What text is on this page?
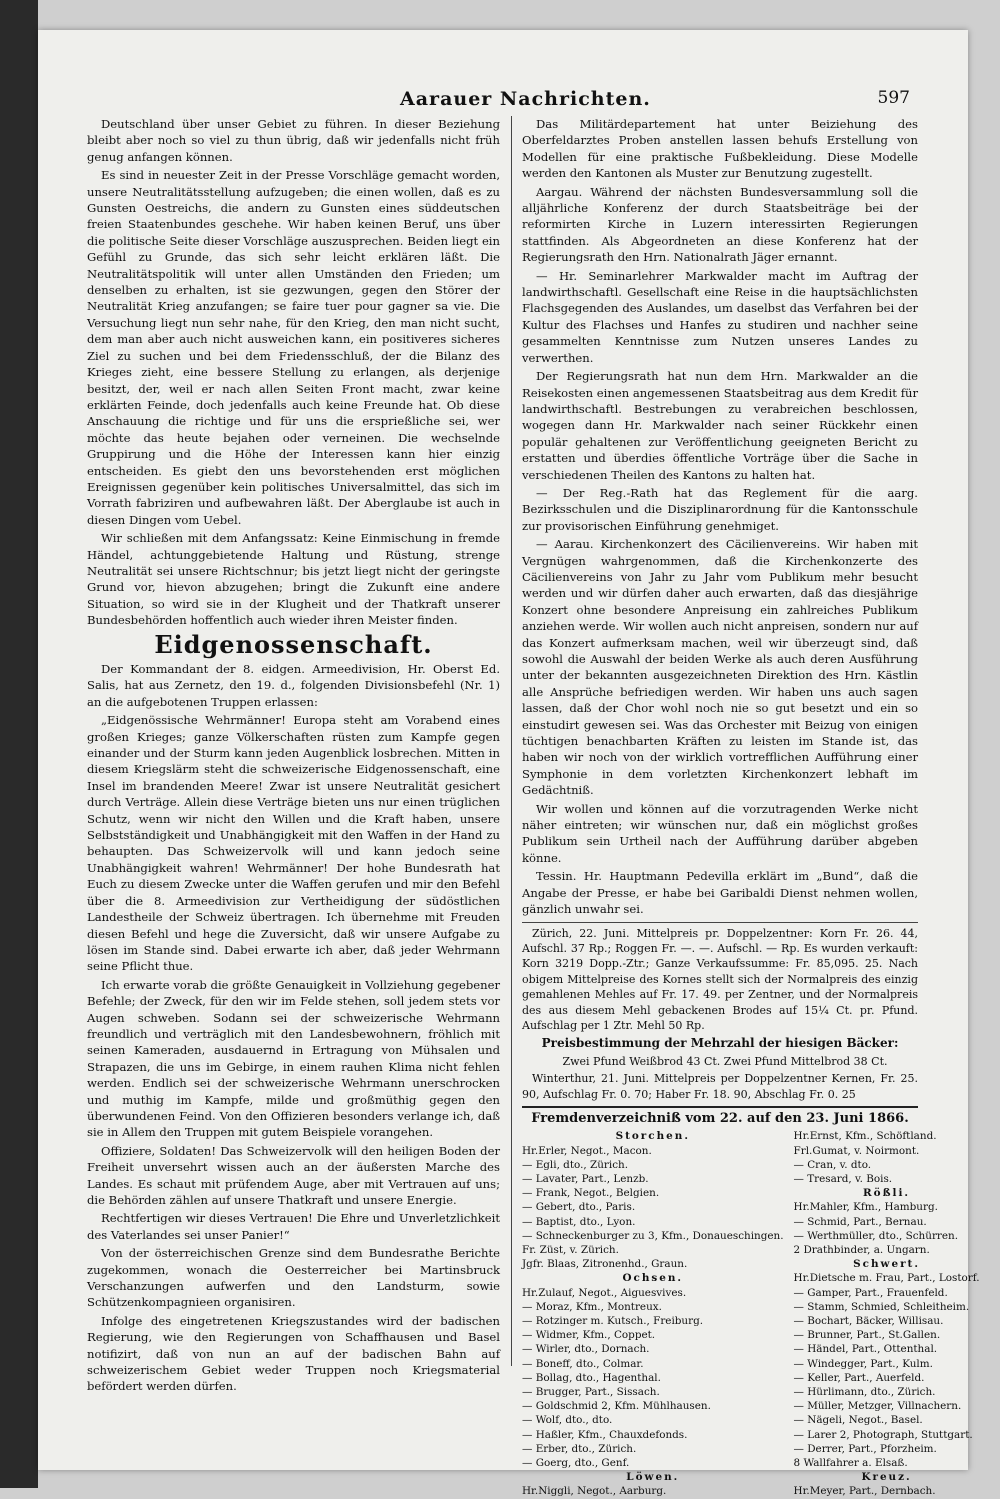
Aarauer Nachrichten.	597

Deutschland über unser Gebiet zu führen. In dieser Beziehung bleibt aber noch so viel zu thun übrig, daß wir jedenfalls nicht früh genug anfangen können.

Es sind in neuester Zeit in der Presse Vorschläge gemacht worden, unsere Neutralitätsstellung aufzugeben; die einen wollen, daß es zu Gunsten Oestreichs, die andern zu Gunsten eines süddeutschen freien Staatenbundes geschehe. Wir haben keinen Beruf, uns über die politische Seite dieser Vorschläge auszusprechen. Beiden liegt ein Gefühl zu Grunde, das sich sehr leicht erklären läßt. Die Neutralitätspolitik will unter allen Umständen den Frieden; um denselben zu erhalten, ist sie gezwungen, gegen den Störer der Neutralität Krieg anzufangen; se faire tuer pour gagner sa vie. Die Versuchung liegt nun sehr nahe, für den Krieg, den man nicht sucht, dem man aber auch nicht ausweichen kann, ein positiveres sicheres Ziel zu suchen und bei dem Friedensschluß, der die Bilanz des Krieges zieht, eine bessere Stellung zu erlangen, als derjenige besitzt, der, weil er nach allen Seiten Front macht, zwar keine erklärten Feinde, doch jedenfalls auch keine Freunde hat. Ob diese Anschauung die richtige und für uns die ersprießliche sei, wer möchte das heute bejahen oder verneinen. Die wechselnde Gruppirung und die Höhe der Interessen kann hier einzig entscheiden. Es giebt den uns bevorstehenden erst möglichen Ereignissen gegenüber kein politisches Universalmittel, das sich im Vorrath fabriziren und aufbewahren läßt. Der Aberglaube ist auch in diesen Dingen vom Uebel.

Wir schließen mit dem Anfangssatz: Keine Einmischung in fremde Händel, achtunggebietende Haltung und Rüstung, strenge Neutralität sei unsere Richtschnur; bis jetzt liegt nicht der geringste Grund vor, hievon abzugehen; bringt die Zukunft eine andere Situation, so wird sie in der Klugheit und der Thatkraft unserer Bundesbehörden hoffentlich auch wieder ihren Meister finden.

Eidgenossenschaft.

Der Kommandant der 8. eidgen. Armeedivision, Hr. Oberst Ed. Salis, hat aus Zernetz, den 19. d., folgenden Divisionsbefehl (Nr. 1) an die aufgebotenen Truppen erlassen:

„Eidgenössische Wehrmänner! Europa steht am Vorabend eines großen Krieges; ganze Völkerschaften rüsten zum Kampfe gegen einander und der Sturm kann jeden Augenblick losbrechen. Mitten in diesem Kriegslärm steht die schweizerische Eidgenossenschaft, eine Insel im brandenden Meere! Zwar ist unsere Neutralität gesichert durch Verträge. Allein diese Verträge bieten uns nur einen trüglichen Schutz, wenn wir nicht den Willen und die Kraft haben, unsere Selbstständigkeit und Unabhängigkeit mit den Waffen in der Hand zu behaupten. Das Schweizervolk will und kann jedoch seine Unabhängigkeit wahren! Wehrmänner! Der hohe Bundesrath hat Euch zu diesem Zwecke unter die Waffen gerufen und mir den Befehl über die 8. Armeedivision zur Vertheidigung der südöstlichen Landestheile der Schweiz übertragen. Ich übernehme mit Freuden diesen Befehl und hege die Zuversicht, daß wir unsere Aufgabe zu lösen im Stande sind. Dabei erwarte ich aber, daß jeder Wehrmann seine Pflicht thue.

Ich erwarte vorab die größte Genauigkeit in Vollziehung gegebener Befehle; der Zweck, für den wir im Felde stehen, soll jedem stets vor Augen schweben. Sodann sei der schweizerische Wehrmann freundlich und verträglich mit den Landesbewohnern, fröhlich mit seinen Kameraden, ausdauernd in Ertragung von Mühsalen und Strapazen, die uns im Gebirge, in einem rauhen Klima nicht fehlen werden. Endlich sei der schweizerische Wehrmann unerschrocken und muthig im Kampfe, milde und großmüthig gegen den überwundenen Feind. Von den Offizieren besonders verlange ich, daß sie in Allem den Truppen mit gutem Beispiele vorangehen.

Offiziere, Soldaten! Das Schweizervolk will den heiligen Boden der Freiheit unversehrt wissen auch an der äußersten Marche des Landes. Es schaut mit prüfendem Auge, aber mit Vertrauen auf uns; die Behörden zählen auf unsere Thatkraft und unsere Energie.

Rechtfertigen wir dieses Vertrauen! Die Ehre und Unverletzlichkeit des Vaterlandes sei unser Panier!“

Von der österreichischen Grenze sind dem Bundesrathe Berichte zugekommen, wonach die Oesterreicher bei Martinsbruck Verschanzungen aufwerfen und den Landsturm, sowie Schützenkompagnieen organisiren.

Infolge des eingetretenen Kriegszustandes wird der badischen Regierung, wie den Regierungen von Schaffhausen und Basel notifizirt, daß von nun an auf der badischen Bahn auf schweizerischem Gebiet weder Truppen noch Kriegsmaterial befördert werden dürfen.

Das Militärdepartement hat unter Beiziehung des Oberfeldarztes Proben anstellen lassen behufs Erstellung von Modellen für eine praktische Fußbekleidung. Diese Modelle werden den Kantonen als Muster zur Benutzung zugestellt.

Aargau. Während der nächsten Bundesversammlung soll die alljährliche Konferenz der durch Staatsbeiträge bei der reformirten Kirche in Luzern interessirten Regierungen stattfinden. Als Abgeordneten an diese Konferenz hat der Regierungsrath den Hrn. Nationalrath Jäger ernannt.

— Hr. Seminarlehrer Markwalder macht im Auftrag der landwirthschaftl. Gesellschaft eine Reise in die hauptsächlichsten Flachsgegenden des Auslandes, um daselbst das Verfahren bei der Kultur des Flachses und Hanfes zu studiren und nachher seine gesammelten Kenntnisse zum Nutzen unseres Landes zu verwerthen.

Der Regierungsrath hat nun dem Hrn. Markwalder an die Reisekosten einen angemessenen Staatsbeitrag aus dem Kredit für landwirthschaftl. Bestrebungen zu verabreichen beschlossen, wogegen dann Hr. Markwalder nach seiner Rückkehr einen populär gehaltenen zur Veröffentlichung geeigneten Bericht zu erstatten und überdies öffentliche Vorträge über die Sache in verschiedenen Theilen des Kantons zu halten hat.

— Der Reg.-Rath hat das Reglement für die aarg. Bezirksschulen und die Disziplinarordnung für die Kantonsschule zur provisorischen Einführung genehmiget.

— Aarau. Kirchenkonzert des Cäcilienvereins. Wir haben mit Vergnügen wahrgenommen, daß die Kirchenkonzerte des Cäcilienvereins von Jahr zu Jahr vom Publikum mehr besucht werden und wir dürfen daher auch erwarten, daß das diesjährige Konzert ohne besondere Anpreisung ein zahlreiches Publikum anziehen werde. Wir wollen auch nicht anpreisen, sondern nur auf das Konzert aufmerksam machen, weil wir überzeugt sind, daß sowohl die Auswahl der beiden Werke als auch deren Ausführung unter der bekannten ausgezeichneten Direktion des Hrn. Kästlin alle Ansprüche befriedigen werden. Wir haben uns auch sagen lassen, daß der Chor wohl noch nie so gut besetzt und ein so einstudirt gewesen sei. Was das Orchester mit Beizug von einigen tüchtigen benachbarten Kräften zu leisten im Stande ist, das haben wir noch von der wirklich vortrefflichen Aufführung einer Symphonie in dem vorletzten Kirchenkonzert lebhaft im Gedächtniß.

Wir wollen und können auf die vorzutragenden Werke nicht näher eintreten; wir wünschen nur, daß ein möglichst großes Publikum sein Urtheil nach der Aufführung darüber abgeben könne.

Tessin. Hr. Hauptmann Pedevilla erklärt im „Bund“, daß die Angabe der Presse, er habe bei Garibaldi Dienst nehmen wollen, gänzlich unwahr sei.

Zürich, 22. Juni. Mittelpreis pr. Doppelzentner: Korn Fr. 26. 44, Aufschl. 37 Rp.; Roggen Fr. —. —. Aufschl. — Rp. Es wurden verkauft: Korn 3219 Dopp.-Ztr.; Ganze Verkaufssumme: Fr. 85,095. 25. Nach obigem Mittelpreise des Kornes stellt sich der Normalpreis des einzig gemahlenen Mehles auf Fr. 17. 49. per Zentner, und der Normalpreis des aus diesem Mehl gebackenen Brodes auf 15¼ Ct. pr. Pfund. Aufschlag per 1 Ztr. Mehl 50 Rp.

Preisbestimmung der Mehrzahl der hiesigen Bäcker:

Zwei Pfund Weißbrod 43 Ct. Zwei Pfund Mittelbrod 38 Ct.

Winterthur, 21. Juni. Mittelpreis per Doppelzentner Kernen, Fr. 25. 90, Aufschlag Fr. 0. 70; Haber Fr. 18. 90, Abschlag Fr. 0. 25

Fremdenverzeichniß vom 22. auf den 23. Juni 1866.
Storchen.
Hr.Erler, Negot., Macon.
— Egli, dto., Zürich.
— Lavater, Part., Lenzb.
— Frank, Negot., Belgien.
— Gebert, dto., Paris.
— Baptist, dto., Lyon.
— Schneckenburger zu 3, Kfm., Donaueschingen.
Fr. Züst, v. Zürich.
Jgfr. Blaas, Zitronenhd., Graun.
Ochsen.
Hr.Zulauf, Negot., Aiguesvives.
— Moraz, Kfm., Montreux.
— Rotzinger m. Kutsch., Freiburg.
— Widmer, Kfm., Coppet.
— Wirler, dto., Dornach.
— Boneff, dto., Colmar.
— Bollag, dto., Hagenthal.
— Brugger, Part., Sissach.
— Goldschmid 2, Kfm. Mühlhausen.
— Wolf, dto., dto.
— Haßler, Kfm., Chauxdefonds.
— Erber, dto., Zürich.
— Goerg, dto., Genf.
Löwen.
Hr.Niggli, Negot., Aarburg.
Hr.Ernst, Kfm., Schöftland.
Frl.Gumat, v. Noirmont.
— Cran, v. dto.
— Tresard, v. Bois.
Rößli.
Hr.Mahler, Kfm., Hamburg.
— Schmid, Part., Bernau.
— Werthmüller, dto., Schürren.
2 Drathbinder, a. Ungarn.
Schwert.
Hr.Dietsche m. Frau, Part., Lostorf.
— Gamper, Part., Frauenfeld.
— Stamm, Schmied, Schleitheim.
— Bochart, Bäcker, Willisau.
— Brunner, Part., St.Gallen.
— Händel, Part., Ottenthal.
— Windegger, Part., Kulm.
— Keller, Part., Auerfeld.
— Hürlimann, dto., Zürich.
— Müller, Metzger, Villnachern.
— Nägeli, Negot., Basel.
— Larer 2, Photograph, Stuttgart.
— Derrer, Part., Pforzheim.
8 Wallfahrer a. Elsaß.
Kreuz.
Hr.Meyer, Part., Dernbach.
